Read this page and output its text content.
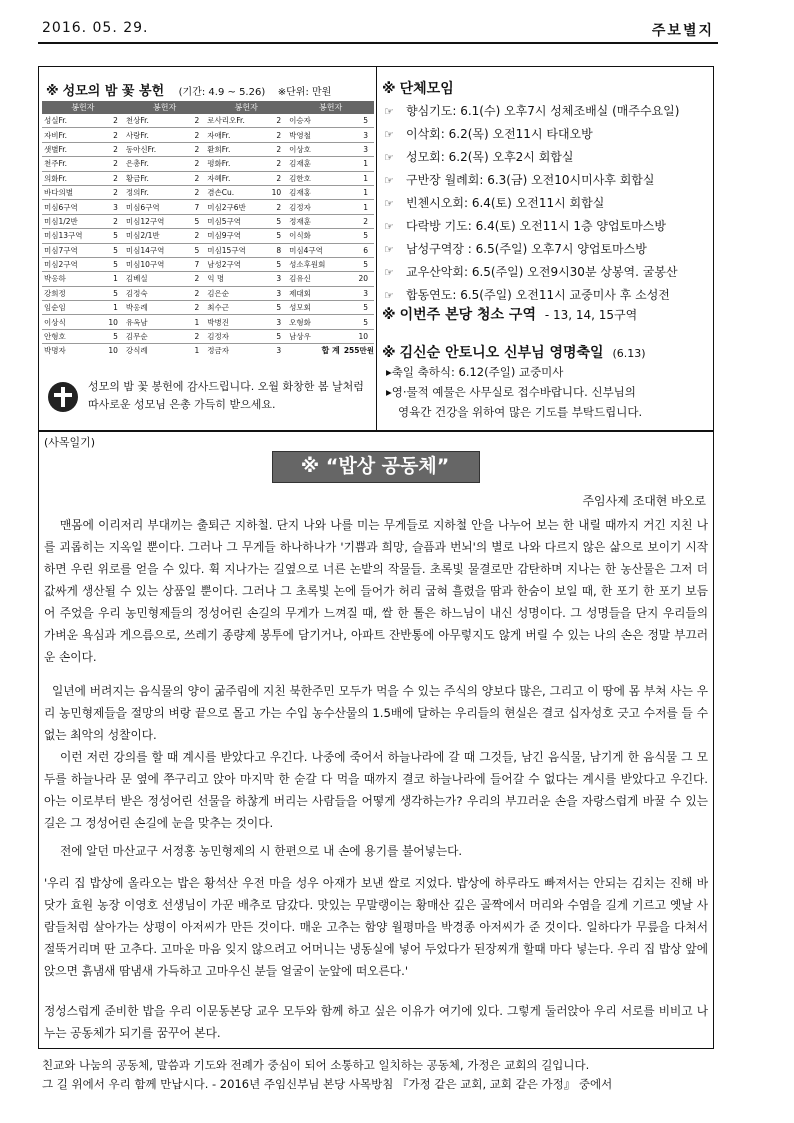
2016. 05. 29.	주보별지
※ 성모의 밤 꽃 봉헌 (기간: 4.9 ~ 5.26) ※단위: 만원
봉헌자		봉헌자		봉헌자		봉헌자	
성실Fr.	2	천상Fr.	2	로사리오Fr.	2	이승자	5
자비Fr.	2	사랑Fr.	2	자애Fr.	2	박영철	3
샛별Fr.	2	동아신Fr.	2	환희Fr.	2	이상호	3
천주Fr.	2	은총Fr.	2	평화Fr.	2	김재훈	1
의화Fr.	2	황금Fr.	2	자혜Fr.	2	김한호	1
바다의별	2	정의Fr.	2	겸손Cu.	10	김재홍	1
미심6구역	3	미심6구역	7	미심2구6반	2	김정자	1
미심1/2반	2	미심12구역	5	미심5구역	5	정재훈	2
미심13구역	5	미심2/1반	2	미심9구역	5	이식화	5
미심7구역	5	미심14구역	5	미심15구역	8	미심4구역	6
미심2구역	5	미심10구역	7	남성2구역	5	성소후원회	5
박옹하	1	김베실	2	익 명	3	김유신	20
강희정	5	김정숙	2	김은순	3	제대회	3
임순임	1	박옹례	2	최수근	5	성모회	5
이상식	10	유옥남	1	박병진	3	오형화	5
안형호	5	김무순	2	김정자	5	남상우	10
박명자	10	강식례	1	정금자	3	합 계	255만원
성모의 밤 꽃 봉헌에 감사드립니다. 오월 화창한 봄 날처럼 따사로운 성모님 은총 가득히 받으세요.
※ 단체모임
☞ 향심기도: 6.1(수) 오후7시 성체조배실 (매주수요일)
☞ 이삭회: 6.2(목) 오전11시 타대오방
☞ 성모회: 6.2(목) 오후2시 회합실
☞ 구반장 월례회: 6.3(금) 오전10시미사후 회합실
☞ 빈첸시오회: 6.4(토) 오전11시 회합실
☞ 다락방 기도: 6.4(토) 오전11시 1층 양업토마스방
☞ 남성구역장 : 6.5(주일) 오후7시 양업토마스방
☞ 교우산악회: 6.5(주일) 오전9시30분 상봉역. 굴봉산
☞ 합동연도: 6.5(주일) 오전11시 교중미사 후 소성전
※ 이번주 본당 청소 구역 - 13, 14, 15구역
※ 김신순 안토니오 신부님 영명축일 (6.13)
▸축일 축하식: 6.12(주일) 교중미사
▸영·물적 예물은 사무실로 접수바랍니다. 신부님의
영육간 건강을 위하여 많은 기도를 부탁드립니다.
(사목일기)
※ “밥상 공동체”
주임사제 조대현 바오로
맨몸에 이리저리 부대끼는 출퇴근 지하철. 단지 나와 나를 미는 무게들로 지하철 안을 나누어 보는 한 내릴 때까지 거긴 지친 나를 괴롭히는 지옥일 뿐이다. 그러나 그 무게들 하나하나가 '기쁨과 희망, 슬픔과 번뇌'의 별로 나와 다르지 않은 삶으로 보이기 시작하면 우린 위로를 얻을 수 있다. 휙 지나가는 길옆으로 너른 논밭의 작물들. 초록빛 물결로만 감탄하며 지나는 한 농산물은 그저 더 값싸게 생산될 수 있는 상품일 뿐이다. 그러나 그 초록빛 논에 들어가 허리 굽혀 흘렸을 땀과 한숨이 보일 때, 한 포기 한 포기 보듬어 주었을 우리 농민형제들의 정성어린 손길의 무게가 느껴질 때, 쌀 한 톨은 하느님이 내신 성명이다. 그 성명들을 단지 우리들의 가벼운 욕심과 게으름으로, 쓰레기 종량제 봉투에 담기거나, 아파트 잔반통에 아무렇지도 않게 버릴 수 있는 나의 손은 정말 부끄러운 손이다.
일년에 버려지는 음식물의 양이 굶주림에 지친 북한주민 모두가 먹을 수 있는 주식의 양보다 많은, 그리고 이 땅에 몸 부쳐 사는 우리 농민형제들을 절망의 벼랑 끝으로 몰고 가는 수입 농수산물의 1.5배에 달하는 우리들의 현실은 결코 십자성호 긋고 수저를 들 수 없는 최악의 성찰이다.
이런 저런 강의를 할 때 계시를 받았다고 우긴다. 나중에 죽어서 하늘나라에 갈 때 그것들, 남긴 음식물, 남기게 한 음식물 그 모두를 하늘나라 문 옆에 쭈구리고 앉아 마지막 한 숟갈 다 먹을 때까지 결코 하늘나라에 들어갈 수 없다는 계시를 받았다고 우긴다. 아는 이로부터 받은 정성어린 선물을 하찮게 버리는 사람들을 어떻게 생각하는가? 우리의 부끄러운 손을 자랑스럽게 바꿀 수 있는 길은 그 정성어린 손길에 눈을 맞추는 것이다.
전에 알던 마산교구 서정홍 농민형제의 시 한편으로 내 손에 용기를 불어넣는다.
'우리 집 밥상에 올라오는 밥은 황석산 우전 마을 성우 아재가 보낸 쌀로 지었다. 밥상에 하루라도 빠져서는 안되는 김치는 진해 바닷가 효원 농장 이영호 선생님이 가꾼 배추로 담갔다. 맛있는 무말랭이는 황매산 깊은 골짝에서 머리와 수염을 길게 기르고 옛날 사람들처럼 살아가는 상평이 아저씨가 만든 것이다. 매운 고추는 함양 월평마을 박경종 아저씨가 준 것이다. 일하다가 무릎을 다쳐서 절뚝거리며 딴 고추다. 고마운 마음 잊지 않으려고 어머니는 냉동실에 넣어 두었다가 된장찌개 할때 마다 넣는다. 우리 집 밥상 앞에 앉으면 흙냄새 땀냄새 가득하고 고마우신 분들 얼굴이 눈앞에 떠오른다.'
정성스럽게 준비한 밥을 우리 이문동본당 교우 모두와 함께 하고 싶은 이유가 여기에 있다. 그렇게 둘러앉아 우리 서로를 비비고 나누는 공동체가 되기를 꿈꾸어 본다.
친교와 나눔의 공동체, 말씀과 기도와 전례가 중심이 되어 소통하고 일치하는 공동체, 가정은 교회의 길입니다.
그 길 위에서 우리 함께 만납시다. - 2016년 주임신부님 본당 사목방침 『가정 같은 교회, 교회 같은 가정』 중에서
